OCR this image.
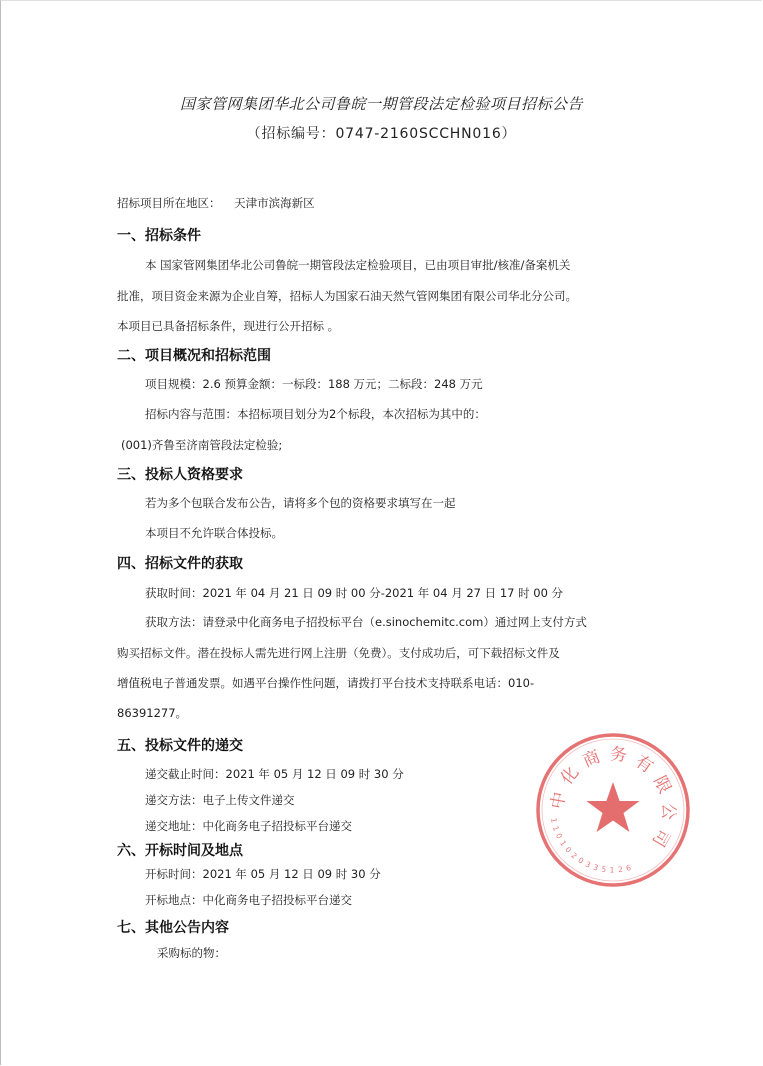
国家管网集团华北公司鲁皖一期管段法定检验项目招标公告
（招标编号：0747-2160SCCHN016）
招标项目所在地区： 天津市滨海新区
一、招标条件
本 国家管网集团华北公司鲁皖一期管段法定检验项目，已由项目审批/核准/备案机关
批准，项目资金来源为企业自筹，招标人为国家石油天然气管网集团有限公司华北分公司。
本项目已具备招标条件，现进行公开招标 。
二、项目概况和招标范围
项目规模：2.6 预算金额：一标段：188 万元；二标段：248 万元
招标内容与范围：本招标项目划分为2个标段，本次招标为其中的：
(001)齐鲁至济南管段法定检验;
三、投标人资格要求
若为多个包联合发布公告，请将多个包的资格要求填写在一起
本项目不允许联合体投标。
四、招标文件的获取
获取时间：2021 年 04 月 21 日 09 时 00 分-2021 年 04 月 27 日 17 时 00 分
获取方法：请登录中化商务电子招投标平台（e.sinochemitc.com）通过网上支付方式
购买招标文件。潜在投标人需先进行网上注册（免费）。支付成功后，可下载招标文件及
增值税电子普通发票。如遇平台操作性问题，请拨打平台技术支持联系电话：010-
86391277。
五、投标文件的递交
递交截止时间：2021 年 05 月 12 日 09 时 30 分
递交方法：电子上传文件递交
递交地址：中化商务电子招投标平台递交
六、开标时间及地点
开标时间：2021 年 05 月 12 日 09 时 30 分
开标地点：中化商务电子招投标平台递交
七、其他公告内容
采购标的物：
中
化
商 务 有
限
公
司
1
1
0
1
0
2
0
3 3 5 1 2 6
